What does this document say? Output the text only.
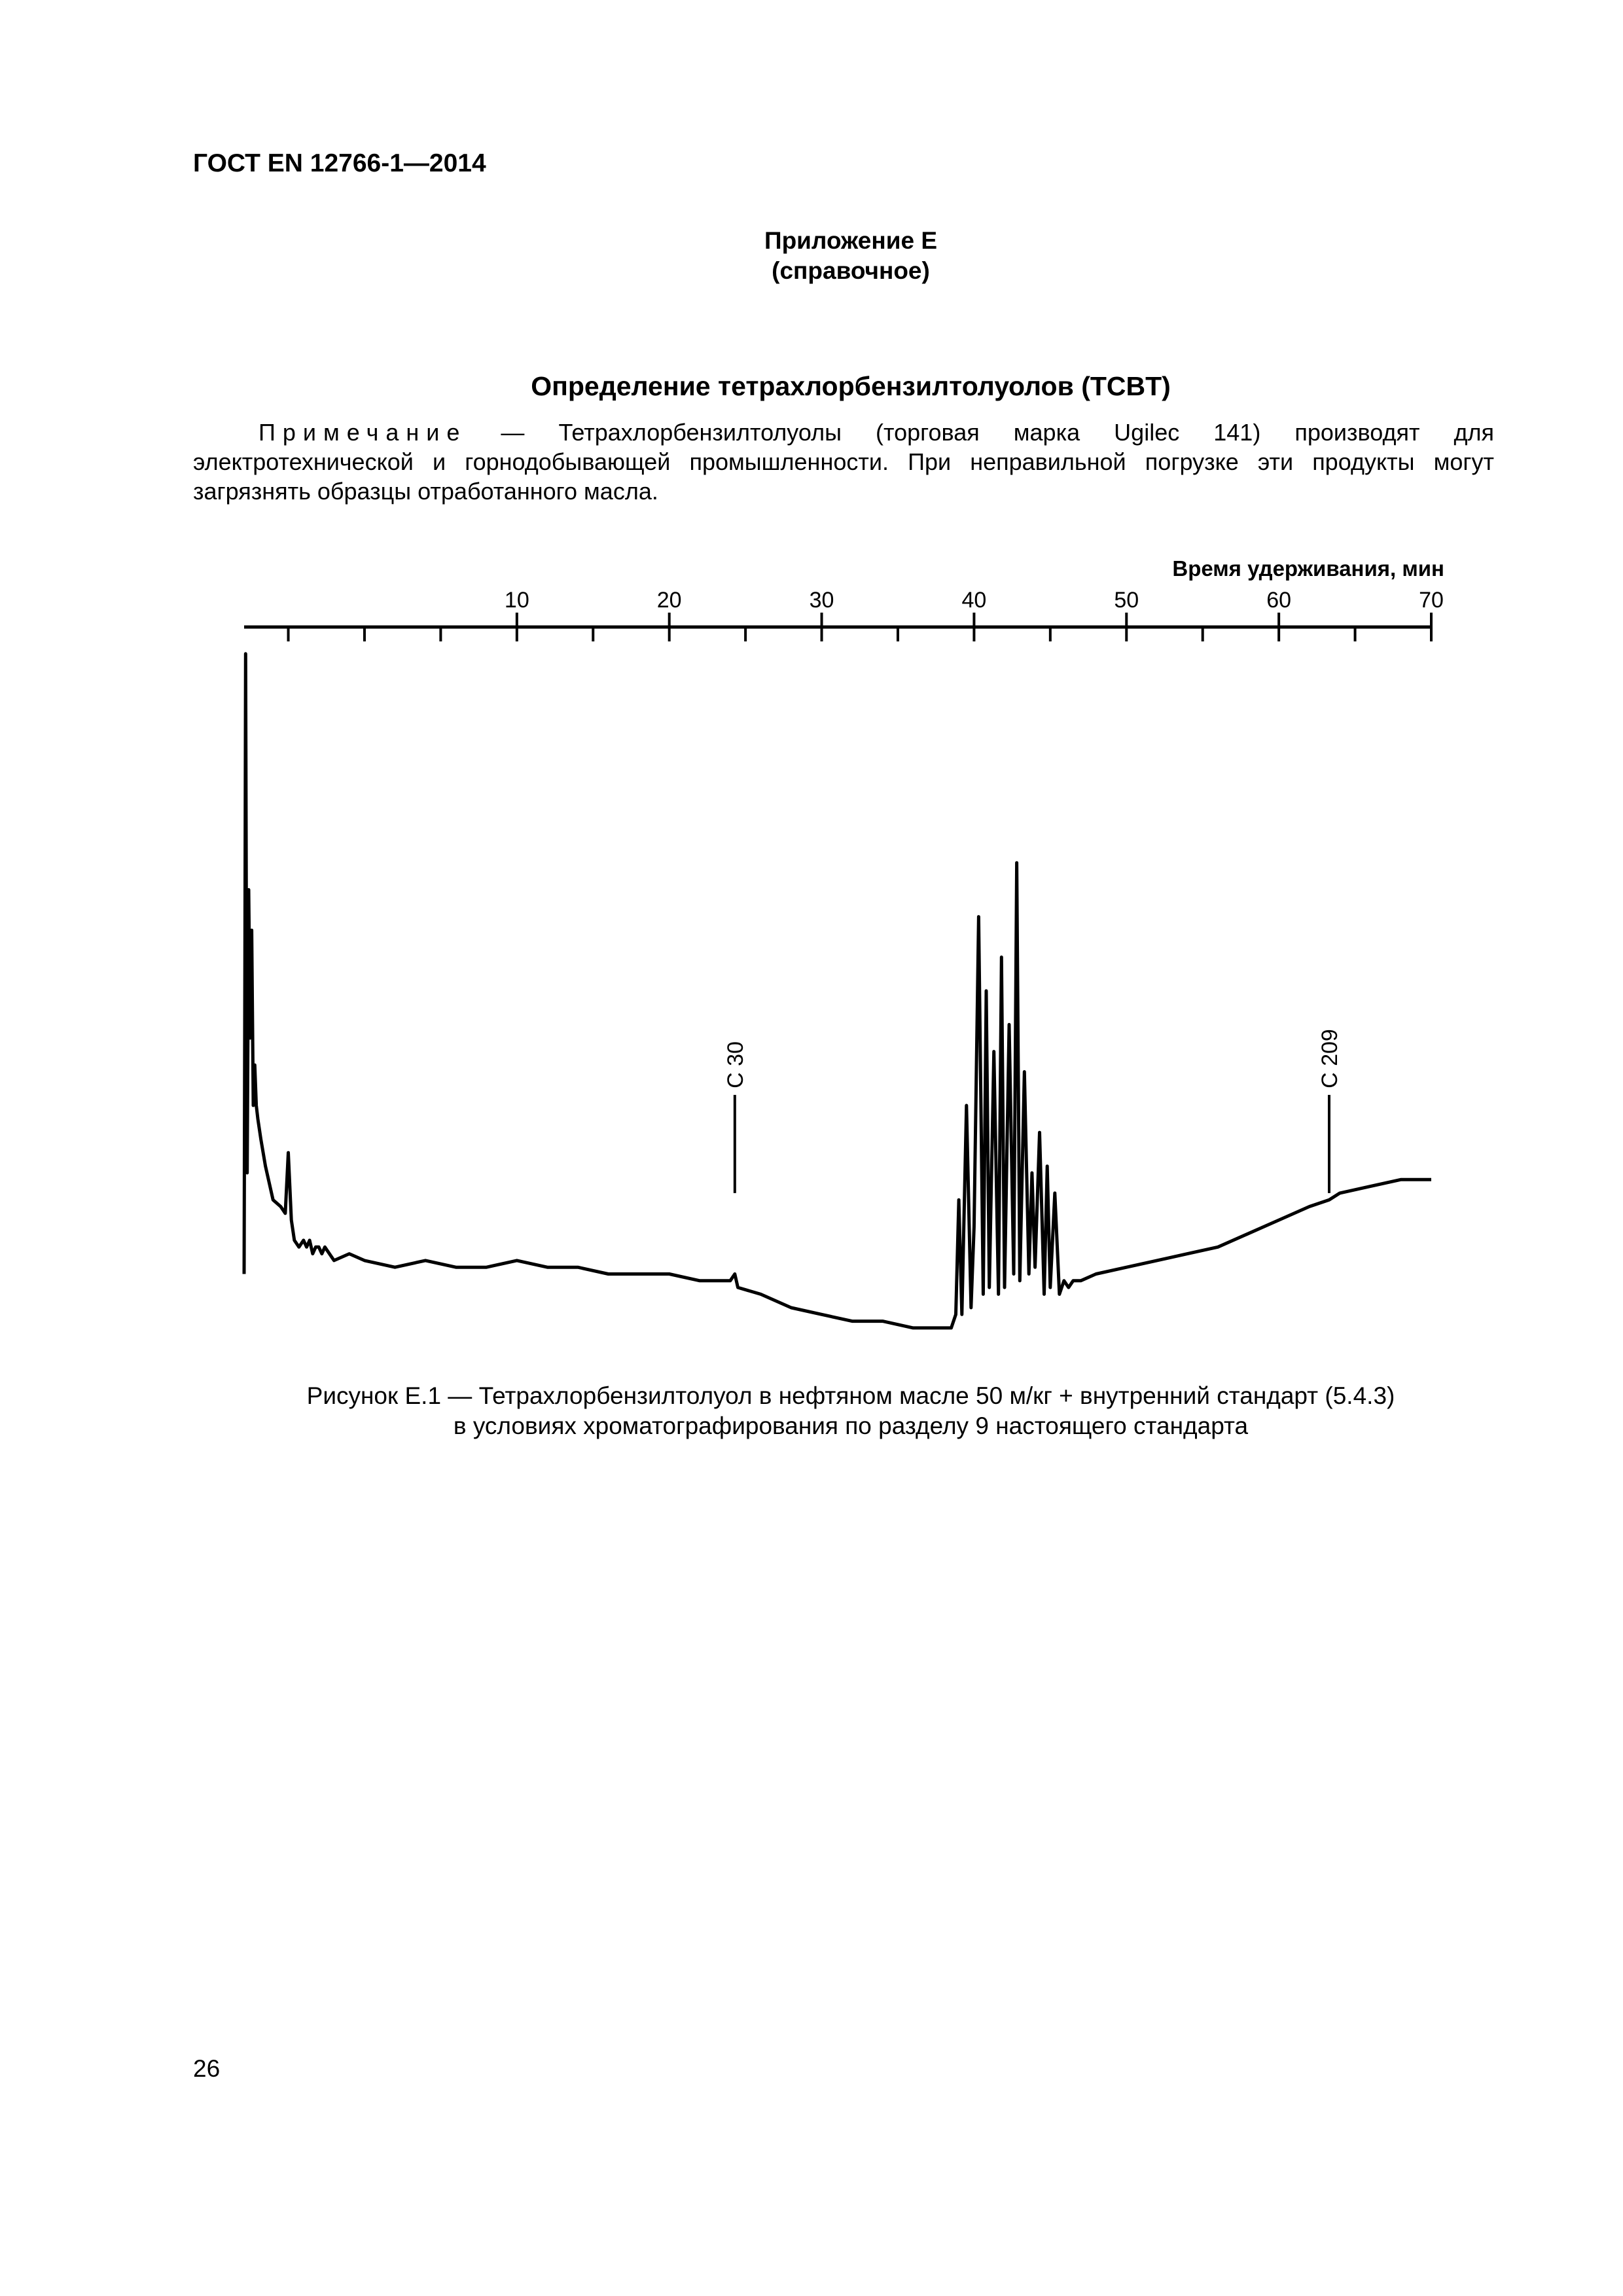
ГОСТ EN 12766-1—2014
Приложение Е
(справочное)
Определение тетрахлорбензилтолуолов (TCBT)
Примечание — Тетрахлорбензилтолуолы (торговая марка Ugilec 141) производят для электротехнической и горнодобывающей промышленности. При неправильной погрузке эти продукты могут загрязнять образцы отработанного масла.
Время удерживания, мин
10	20	30	40	50	60	70
C 30	C 209
Рисунок Е.1 — Тетрахлорбензилтолуол в нефтяном масле 50 м/кг + внутренний стандарт (5.4.3)
в условиях хроматографирования по разделу 9 настоящего стандарта
26
